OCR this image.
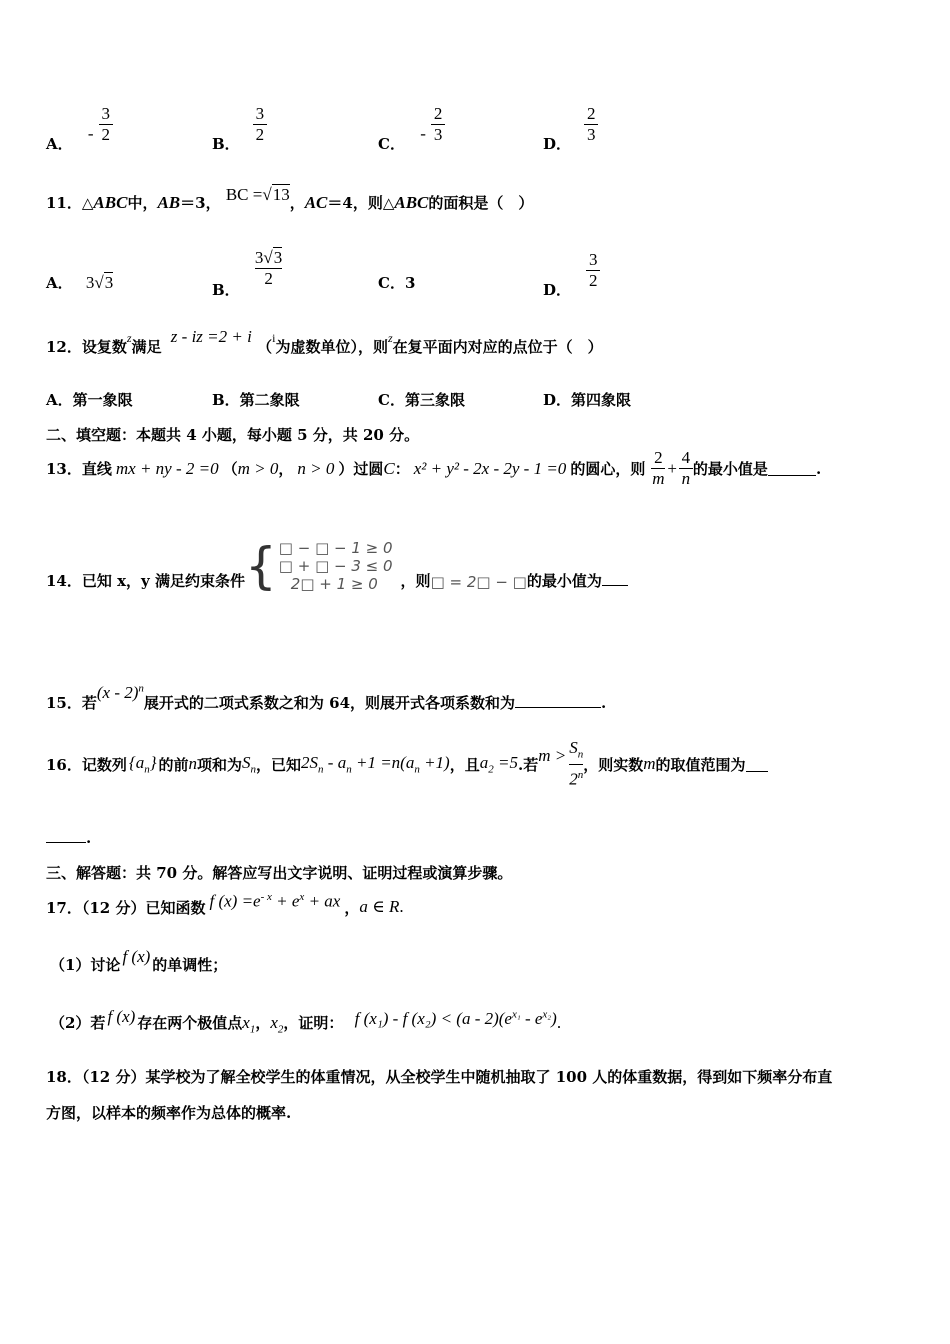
A． - $\frac{3}{2}$	B． $\frac{3}{2}$	C． - $\frac{2}{3}$	D． $\frac{2}{3}$
11．△ABC中，AB＝3， BC =√13，AC＝4，则△ABC的面积是（　）
A． 3√3	B．
$\frac{3√3}{2}$	C．3	D． $\frac{3}{2}$
12．设复数$^z$满足 z - iz =2 + i （$^i$为虚数单位），则$^z$在复平面内对应的点位于（　）
A．第一象限	B．第二象限	C．第三象限	D．第四象限
二、填空题：本题共 4 小题，每小题 5 分，共 20 分。
13．直线 mx + ny - 2 =0 （ m > 0 ， n > 0 ）过圆 C ： x² + y² - 2x - 2y - 1 =0 的圆心，则 $\frac{2}{m} + \frac{4}{n}$ 的最小值是	.
14．已知 x，y 满足约束条件 { □ − □ − 1 ≥ 0
□ + □ − 3 ≤ 0
2□ + 1 ≥ 0	，则□ = 2□ − □的最小值为
15．若(x - 2)$^n$展开式的二项式系数之和为 64，则展开式各项系数和为	.
16．记数列 $\{a_n\}$ 的前 n 项和为 $S_n$ ，已知 $2S_n - a_n +1 =n(a_n +1)$ ，且 $a_2 =5$ .若 $m > \frac{S_n}{2^n}$ ，则实数 m 的取值范围为
.
三、解答题：共 70 分。解答应写出文字说明、证明过程或演算步骤。
17．（12 分）已知函数 f $(x) =e^{- x} + e^x$ + ax ， a ∈ R .
（1）讨论 f (x) 的单调性；
（2）若 f (x) 存在两个极值点$x_1$，$x_2$，证明： f (x₁) - f $(x_2) < (a - 2)(e^{x_1} - e^{x_2})$.
18．（12 分）某学校为了解全校学生的体重情况，从全校学生中随机抽取了 100 人的体重数据，得到如下频率分布直
方图，以样本的频率作为总体的概率.
